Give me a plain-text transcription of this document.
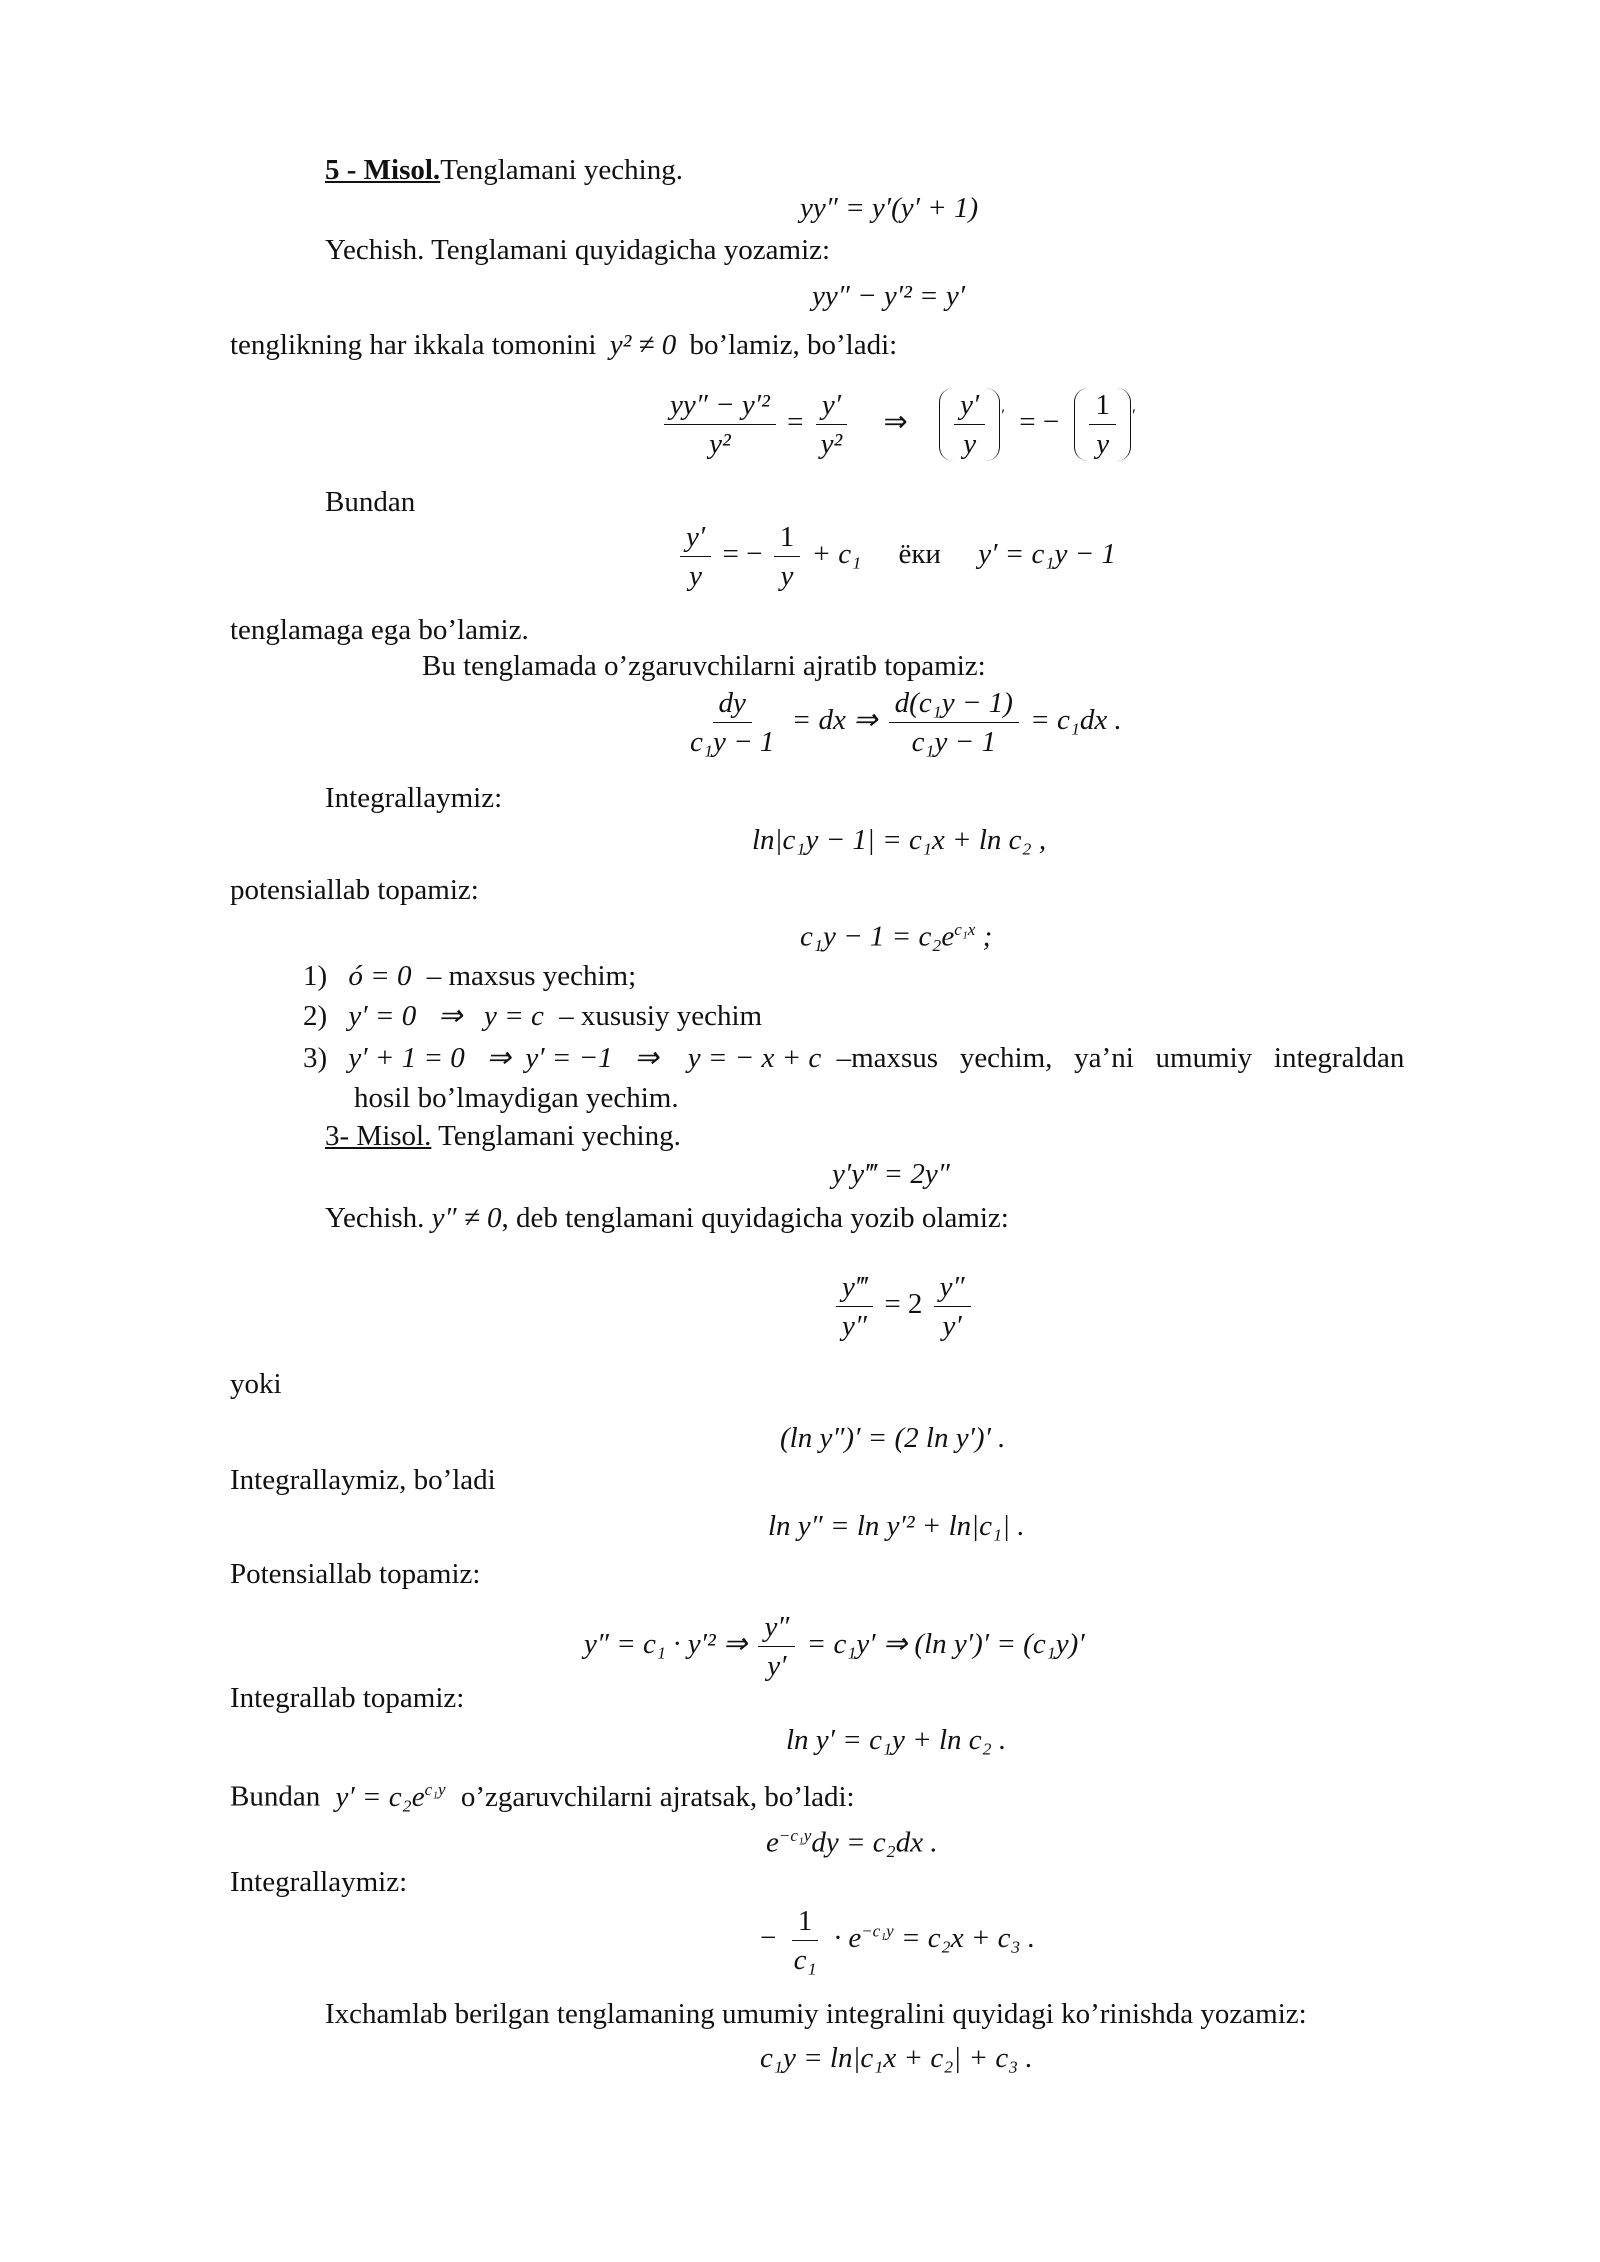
5 - Misol.Tenglamani yeching.
yy″ = y′(y′ + 1)
Yechish. Tenglamani quyidagicha yozamiz:
yy″ − y′² = y′
tenglikning har ikkala tomonini y² ≠ 0 bo’lamiz, bo’ladi:
$\frac{\text{yy″ − y′²}}{\text{y²}} = \frac{y'}{\text{y²}}$ ⇒ $\frac{y'}{y} '$ = − $\frac{1}{y} '$
Bundan
$\frac{y'}{y}$ = − $\frac{1}{y} + c_1$ ёки y′ = c₁y − 1
tenglamaga ega bo’lamiz.
Bu tenglamada o’zgaruvchilarni ajratib topamiz:
$\frac{dy}{\text{c₁y − 1}}$ = dx ⇒ $\frac{\text{d(c₁y − 1)}}{\text{c₁y − 1}} = c_1dx$ .
Integrallaymiz:
ln|c₁y − 1| = c₁x + ln c₂ ,
potensiallab topamiz:
$c_1y - 1 = c_2e^{c_1x}$ ;
1) ó = 0 – maxsus yechim;
2) y′ = 0   ⇒   y = c – xususiy yechim
3) y′ + 1 = 0   ⇒  y′ = −1   ⇒    y = − x + c –maxsus   yechim,   ya’ni   umumiy   integraldan
hosil bo’lmaydigan yechim.
3- Misol. Tenglamani yeching.
y′y‴ = 2y″
Yechish. y″ ≠ 0, deb tenglamani quyidagicha yozib olamiz:
$\frac{y‴}{y''} = 2 \frac{y''}{y'}$
yoki
(ln y″)′ = (2 ln y′)′ .
Integrallaymiz, bo’ladi
ln y″ = ln y′² + ln|c₁| .
Potensiallab topamiz:
y″ = c₁ · y′² ⇒ $\frac{y''}{y'} = c_1y'$ ⇒ (ln y′)′ = (c₁y)′
Integrallab topamiz:
ln y′ = c₁y + ln c₂ .
Bundan $y' = c_2e^{c_1y}$ o’zgaruvchilarni ajratsak, bo’ladi:
$e^{-c_1y}dy = c_2dx$ .
Integrallaymiz:
− $\frac{1}{\text{c₁}} \cdot e^{-c_1y} = c_2x + c_3$ .
Ixchamlab berilgan tenglamaning umumiy integralini quyidagi ko’rinishda yozamiz:
c₁y = ln|c₁x + c₂| + c₃ .
